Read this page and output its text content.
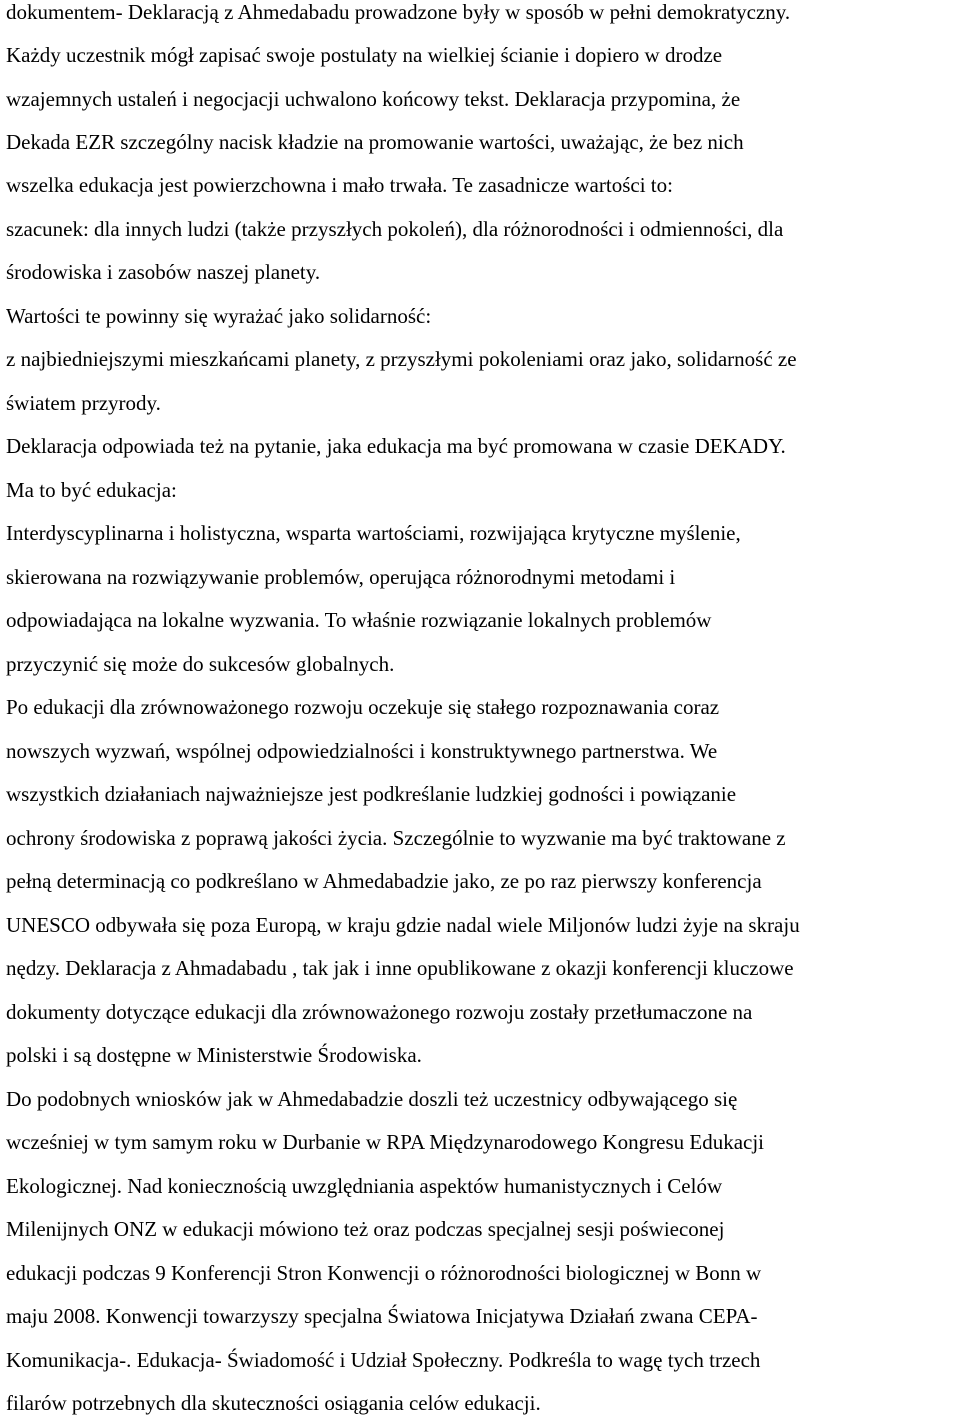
dokumentem- Deklaracją z Ahmedabadu prowadzone były w sposób w pełni demokratyczny.
Każdy uczestnik mógł zapisać swoje postulaty na wielkiej ścianie i dopiero w drodze
wzajemnych ustaleń i negocjacji uchwalono końcowy tekst. Deklaracja przypomina, że
Dekada EZR szczególny nacisk kładzie na promowanie wartości, uważając, że bez nich
wszelka edukacja jest powierzchowna i mało trwała. Te zasadnicze wartości to:
szacunek: dla innych ludzi (także przyszłych pokoleń), dla różnorodności i odmienności, dla
środowiska i zasobów naszej planety.
Wartości te powinny się wyrażać jako solidarność:
z najbiedniejszymi mieszkańcami planety, z przyszłymi pokoleniami oraz jako, solidarność ze
światem przyrody.
Deklaracja odpowiada też na pytanie, jaka edukacja ma być promowana w czasie DEKADY.
Ma to być edukacja:
Interdyscyplinarna i holistyczna, wsparta wartościami, rozwijająca krytyczne myślenie,
skierowana na rozwiązywanie problemów, operująca różnorodnymi metodami i
odpowiadająca na lokalne wyzwania. To właśnie rozwiązanie lokalnych problemów
przyczynić się może do sukcesów globalnych.
Po edukacji dla zrównoważonego rozwoju oczekuje się stałego rozpoznawania coraz
nowszych wyzwań, wspólnej odpowiedzialności i konstruktywnego partnerstwa. We
wszystkich działaniach najważniejsze jest podkreślanie ludzkiej godności i powiązanie
ochrony środowiska z poprawą jakości życia. Szczególnie to wyzwanie ma być traktowane z
pełną determinacją co podkreślano w Ahmedabadzie jako, ze po raz pierwszy konferencja
UNESCO odbywała się poza Europą, w kraju gdzie nadal wiele Miljonów ludzi żyje na skraju
nędzy. Deklaracja z Ahmadabadu , tak jak i inne opublikowane z okazji konferencji kluczowe
dokumenty dotyczące edukacji dla zrównoważonego rozwoju zostały przetłumaczone na
polski i są dostępne w Ministerstwie Środowiska.
Do podobnych wniosków jak w Ahmedabadzie doszli też uczestnicy odbywającego się
wcześniej w tym samym roku w Durbanie w RPA Międzynarodowego Kongresu Edukacji
Ekologicznej. Nad koniecznością uwzględniania aspektów humanistycznych i Celów
Milenijnych ONZ w edukacji mówiono też oraz podczas specjalnej sesji poświeconej
edukacji podczas 9 Konferencji Stron Konwencji o różnorodności biologicznej w Bonn w
maju 2008. Konwencji towarzyszy specjalna Światowa Inicjatywa Działań zwana CEPA-
Komunikacja-. Edukacja- Świadomość i Udział Społeczny. Podkreśla to wagę tych trzech
filarów potrzebnych dla skuteczności osiągania celów edukacji.
